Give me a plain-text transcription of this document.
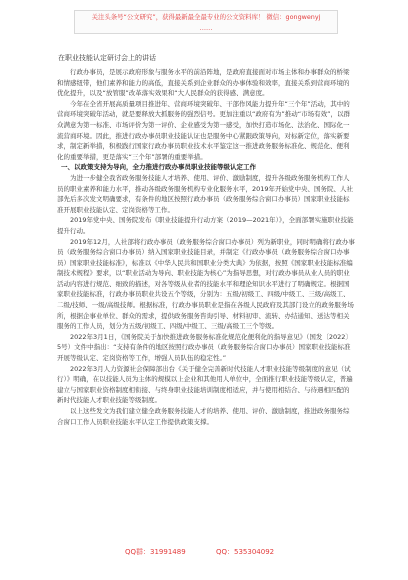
关注头条号“公文研究”，获得最新最全最专业的公文资料库！ 微信：gongwenyj
……
在职业技能认定研讨会上的讲话

行政办事员，是展示政府形象与服务水平的前沿阵地，是政府直接面对市场主体和办事群众的桥梁和情感纽带，他们素养和能力的高低，直接关系到企业群众的办事体验和效率，直接关系到营商环境的优化提升，以及“放管服”改革落实效果和“大人民群众的获得感、满意度。

今年在全省开展高质量项目推进年、营商环境突破年、干部作风能力提升年“三个年”活动，其中的营商环境突破年活动，就是要释放大抓服务的强烈信号。更加注重以“政府有为”推动“市场有效”，以群众满意为第一标准、市场评价为第一评价、企业感受为第一感受，加快打造市场化、法治化、国际化一流营商环境。因此，推进行政办事员职业技能认证也是服务中心紧跟政策导向，对标新定位，落实新要求，制定新举措，积极践行国家行政办事员职业技术水平鉴定这一推进政务服务标准化、规范化、便利化的重要举措，更是落实“三个年”部署的重要举措。

一、以政策支持为导向，全力推进行政办事员职业技能等级认定工作

为进一步健全我省政务服务技能人才培养、使用、评价、激励制度，提升各级政务服务机构工作人员的职业素养和能力水平，推动各级政务服务机构专业化服务水平，2019年开始党中央、国务院、人社部先后多次发文明确要求，有条件的地区按照行政办事员（政务服务综合窗口办事员）国家职业技能标准开展职业技能认定、定岗资格等工作。

2019年党中央、国务院发布《职业技能提升行动方案（2019—2021年）》，全面部署实施职业技能提升行动。

2019年12月，人社部将行政办事员（政务服务综合窗口办事员）列为新职业，同时明确将行政办事员（政务服务综合窗口办事员）纳入国家职业技能目录，并制定《行政办事员（政务服务综合窗口办事员）国家职业技能标准》，标准以《中华人民共和国职业分类大典》为依据，按照《国家职业技能标准编制技术规程》要求，以“职业活动为导向、职业技能为核心”为指导思想，对行政办事员从业人员的职业活动内容进行规范、细致的描述，对各等级从业者的技能水平和理论知识水平进行了明确规定。根据国家职业技能标准，行政办事员职业共设五个等级，分别为：五级/初级工、四级/中级工、三级/高级工、二级/技师、一级/高级技师。根据标准，行政办事员职业是指在各级人民政府及其部门设立的政务服务场所，根据企事业单位、群众的需求，提供政务服务咨询引导、材料初审、流转、办结通知、送达等相关服务的工作人员，划分为五级/初级工、四级/中级工、三级/高级工三个等级。

2022年3月1日，《国务院关于加快推进政务服务标准化规范化便利化的指导意见》（国发〔2022〕5号）文件中指出：“支持有条件的地区按照行政办事员（政务服务综合窗口办事员）国家职业技能标准开展等级认定、定岗资格等工作，增强人员队伍的稳定性。”

2022年3月人力资源社会保障部出台《关于健全完善新时代技能人才职业技能等级制度的意见（试行）》明确，在以技能人员为主体的规模以上企业和其他用人单位中，全面推行职业技能等级认定，普遍建立与国家职业资格制度相衔接、与终身职业技能培训制度相适应，并与使用相结合、与待遇相匹配的新时代技能人才职业技能等级制度。

以上这些发文为我们建立健全政务服务技能人才的培养、使用、评价、激励制度，推进政务服务综合窗口工作人员职业技能水平认定工作提供政策支撑。

QQ群：31991489	QQ：535304092
